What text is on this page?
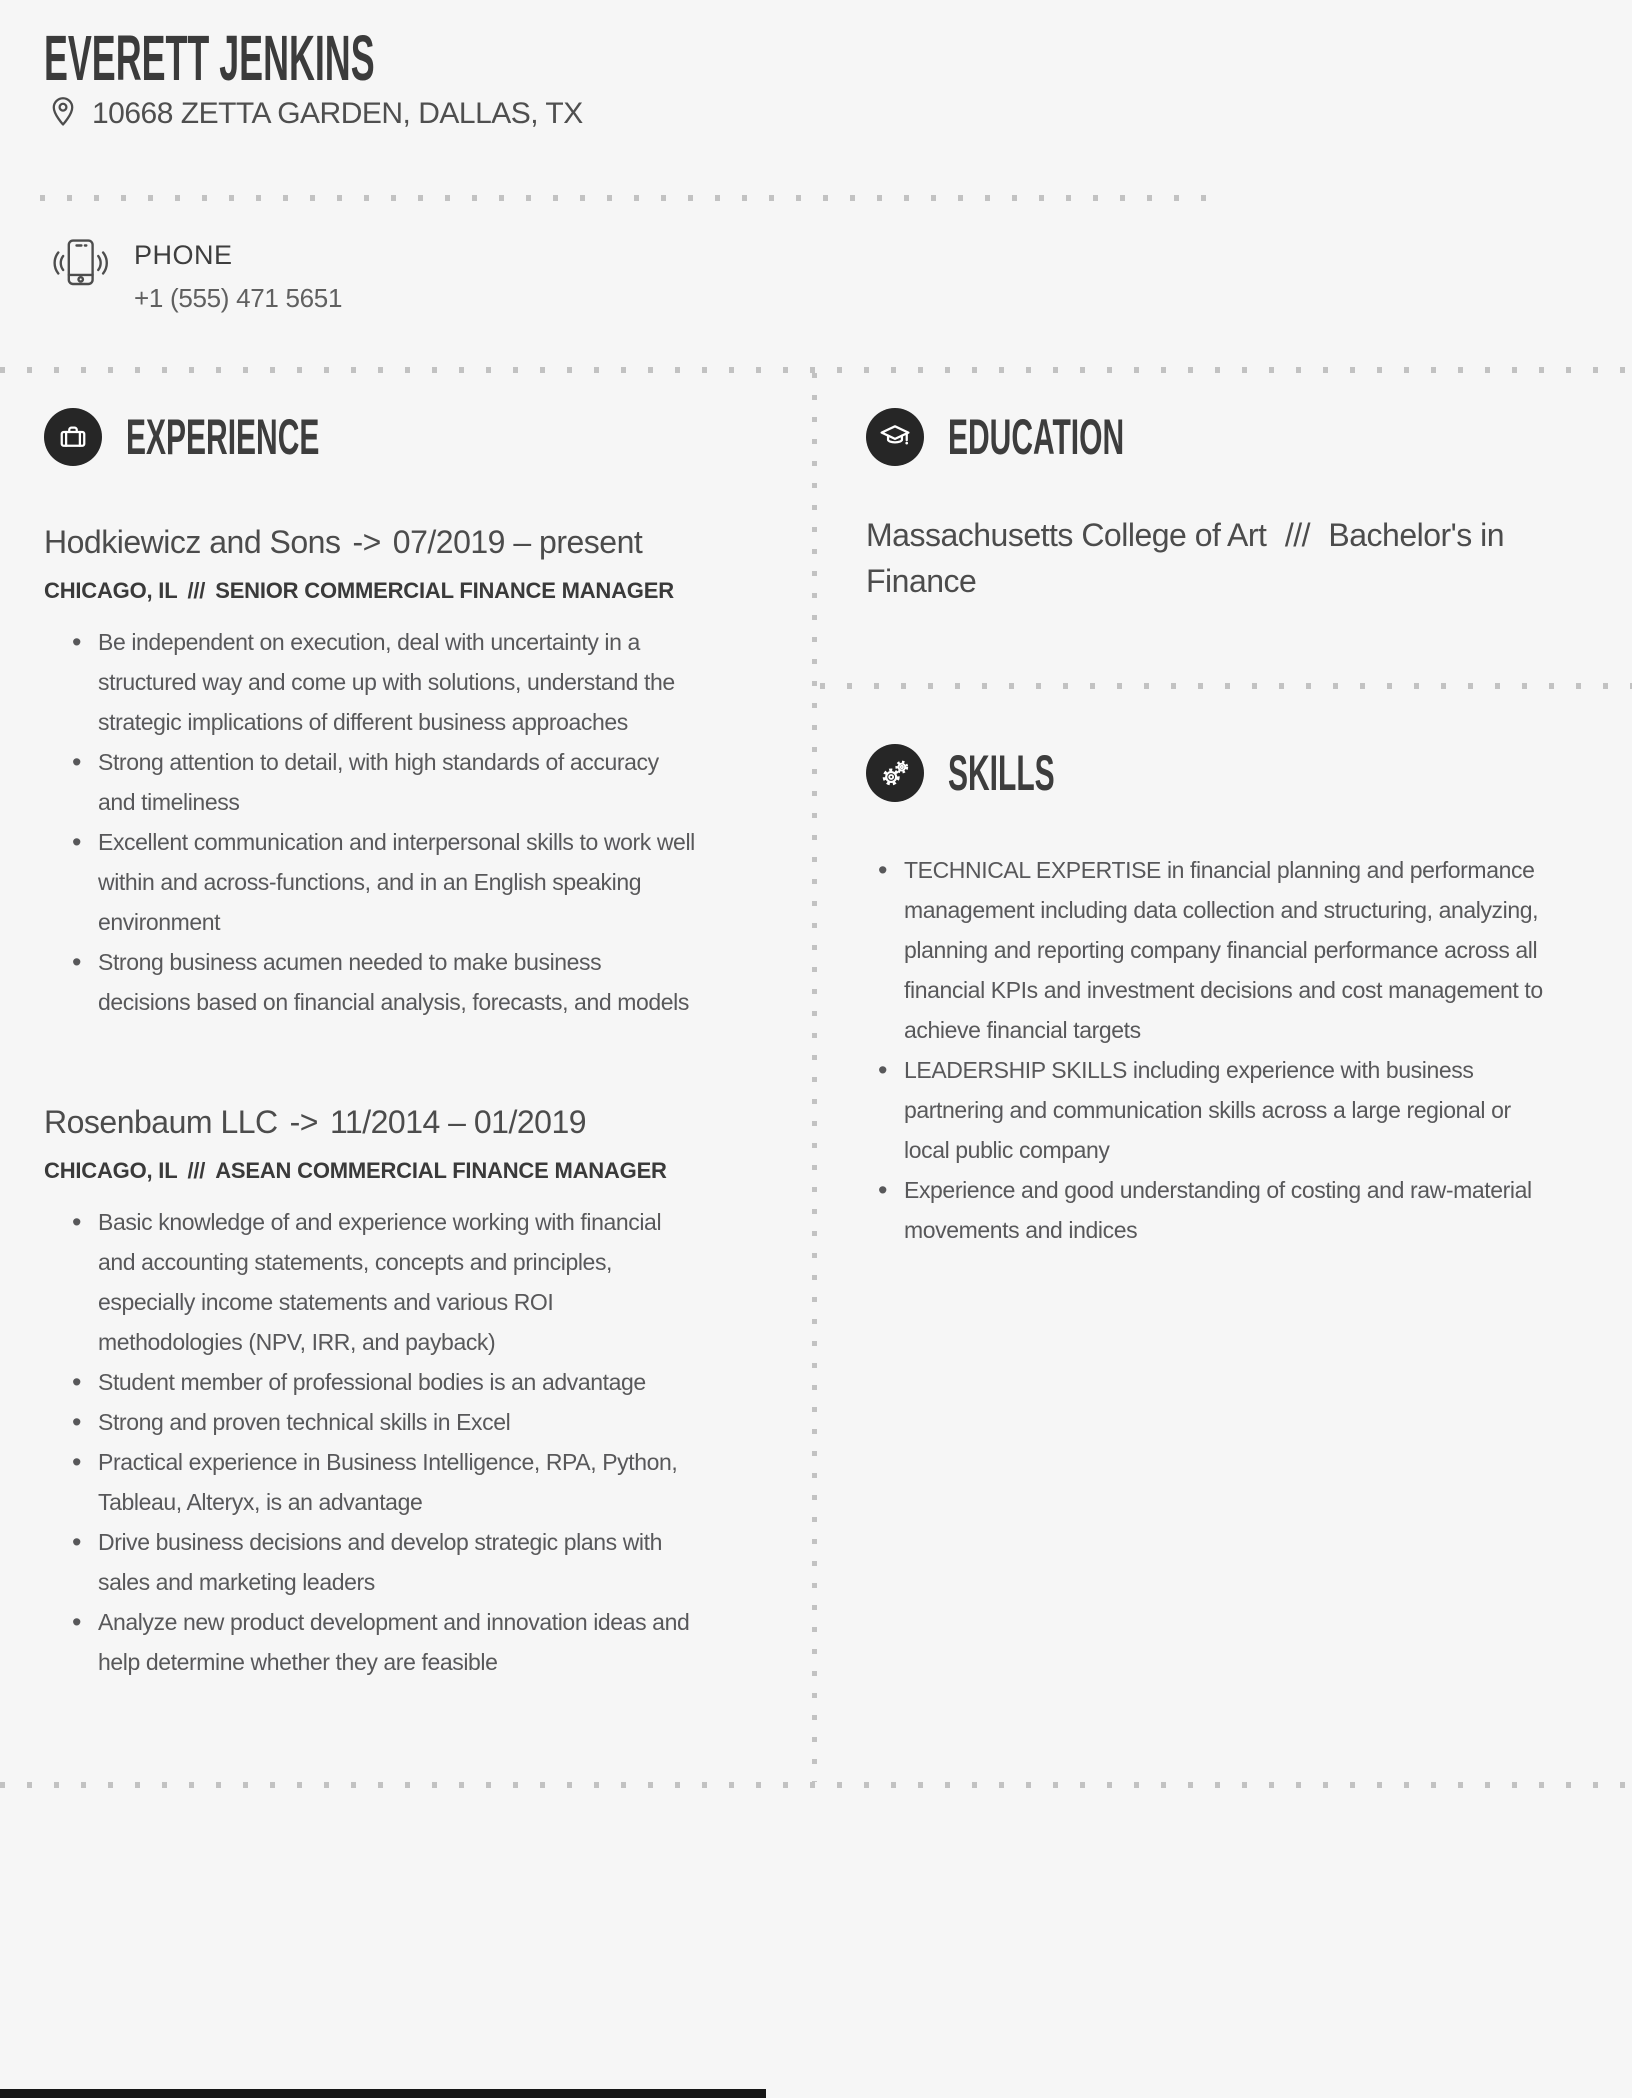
EVERETT JENKINS
10668 ZETTA GARDEN, DALLAS, TX
PHONE
+1 (555) 471 5651
EXPERIENCE
Hodkiewicz and Sons -> 07/2019 – present
CHICAGO, IL /// SENIOR COMMERCIAL FINANCE MANAGER
• Be independent on execution, deal with uncertainty in a structured way and come up with solutions, understand the strategic implications of different business approaches
• Strong attention to detail, with high standards of accuracy and timeliness
• Excellent communication and interpersonal skills to work well within and across-functions, and in an English speaking environment
• Strong business acumen needed to make business decisions based on financial analysis, forecasts, and models
Rosenbaum LLC -> 11/2014 – 01/2019
CHICAGO, IL /// ASEAN COMMERCIAL FINANCE MANAGER
• Basic knowledge of and experience working with financial and accounting statements, concepts and principles, especially income statements and various ROI methodologies (NPV, IRR, and payback)
• Student member of professional bodies is an advantage
• Strong and proven technical skills in Excel
• Practical experience in Business Intelligence, RPA, Python, Tableau, Alteryx, is an advantage
• Drive business decisions and develop strategic plans with sales and marketing leaders
• Analyze new product development and innovation ideas and help determine whether they are feasible
EDUCATION
Massachusetts College of Art /// Bachelor's in Finance
SKILLS
• TECHNICAL EXPERTISE in financial planning and performance management including data collection and structuring, analyzing, planning and reporting company financial performance across all financial KPIs and investment decisions and cost management to achieve financial targets
• LEADERSHIP SKILLS including experience with business partnering and communication skills across a large regional or local public company
• Experience and good understanding of costing and raw-material movements and indices
